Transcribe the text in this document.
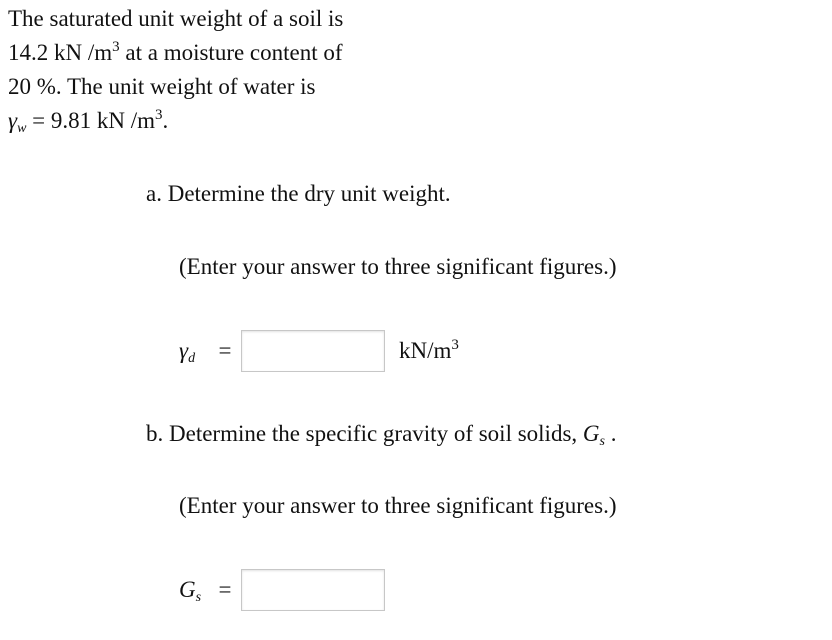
The saturated unit weight of a soil is
14.2 kN $/m^3$ at a moisture content of
20 %. The unit weight of water is
$\gamma_w = 9.81$ kN $/m^3$.
a. Determine the dry unit weight.
(Enter your answer to three significant figures.)
$\gamma_d$	=	$kN/m^3$
b. Determine the specific gravity of soil solids, $G_s$ .
(Enter your answer to three significant figures.)
$G_s$ =
